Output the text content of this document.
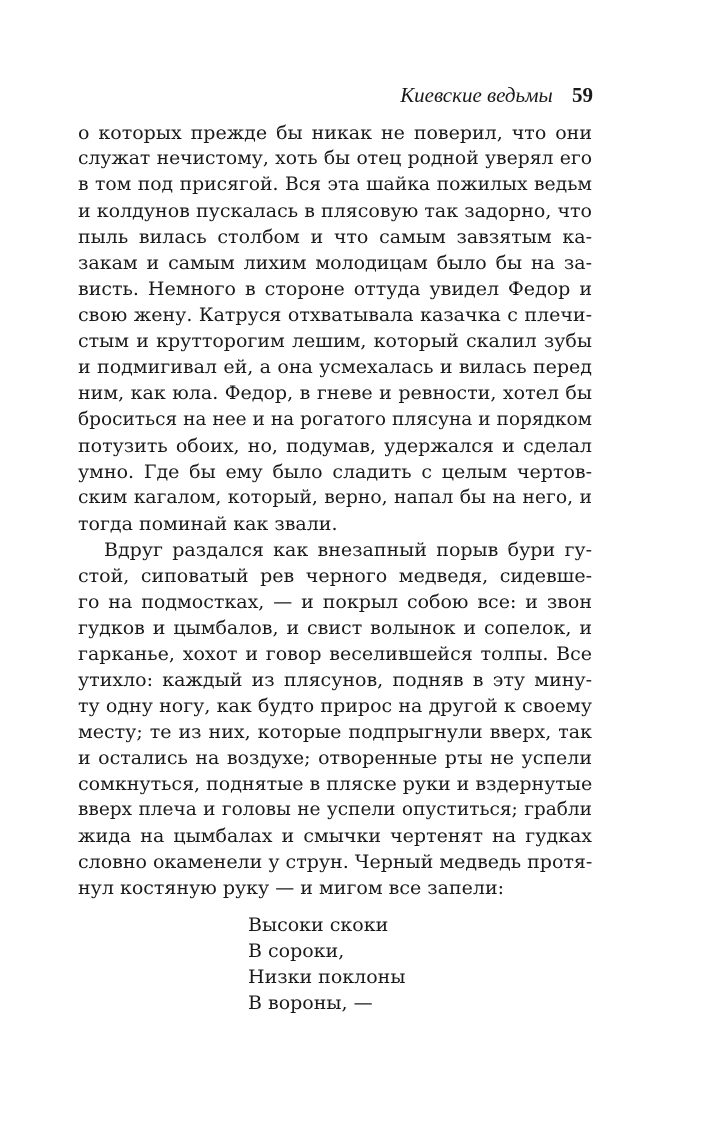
Киевские ведьмы 59
о которых прежде бы никак не поверил, что они
служат нечистому, хоть бы отец родной уверял его
в том под присягой. Вся эта шайка пожилых ведьм
и колдунов пускалась в плясовую так задорно, что
пыль вилась столбом и что самым завзятым ка-
закам и самым лихим молодицам было бы на за-
висть. Немного в стороне оттуда увидел Федор и
свою жену. Катруся отхватывала казачка с плечи-
стым и крутторогим лешим, который скалил зубы
и подмигивал ей, а она усмехалась и вилась перед
ним, как юла. Федор, в гневе и ревности, хотел бы
броситься на нее и на рогатого плясуна и порядком
потузить обоих, но, подумав, удержался и сделал
умно. Где бы ему было сладить с целым чертов-
ским кагалом, который, верно, напал бы на него, и
тогда поминай как звали.
Вдруг раздался как внезапный порыв бури гу-
стой, сиповатый рев черного медведя, сидевше-
го на подмостках, — и покрыл собою все: и звон
гудков и цымбалов, и свист волынок и сопелок, и
гарканье, хохот и говор веселившейся толпы. Все
утихло: каждый из плясунов, подняв в эту мину-
ту одну ногу, как будто прирос на другой к своему
месту; те из них, которые подпрыгнули вверх, так
и остались на воздухе; отворенные рты не успели
сомкнуться, поднятые в пляске руки и вздернутые
вверх плеча и головы не успели опуститься; грабли
жида на цымбалах и смычки чертенят на гудках
словно окаменели у струн. Черный медведь протя-
нул костяную руку — и мигом все запели:
Высоки скоки
В сороки,
Низки поклоны
В вороны, —
